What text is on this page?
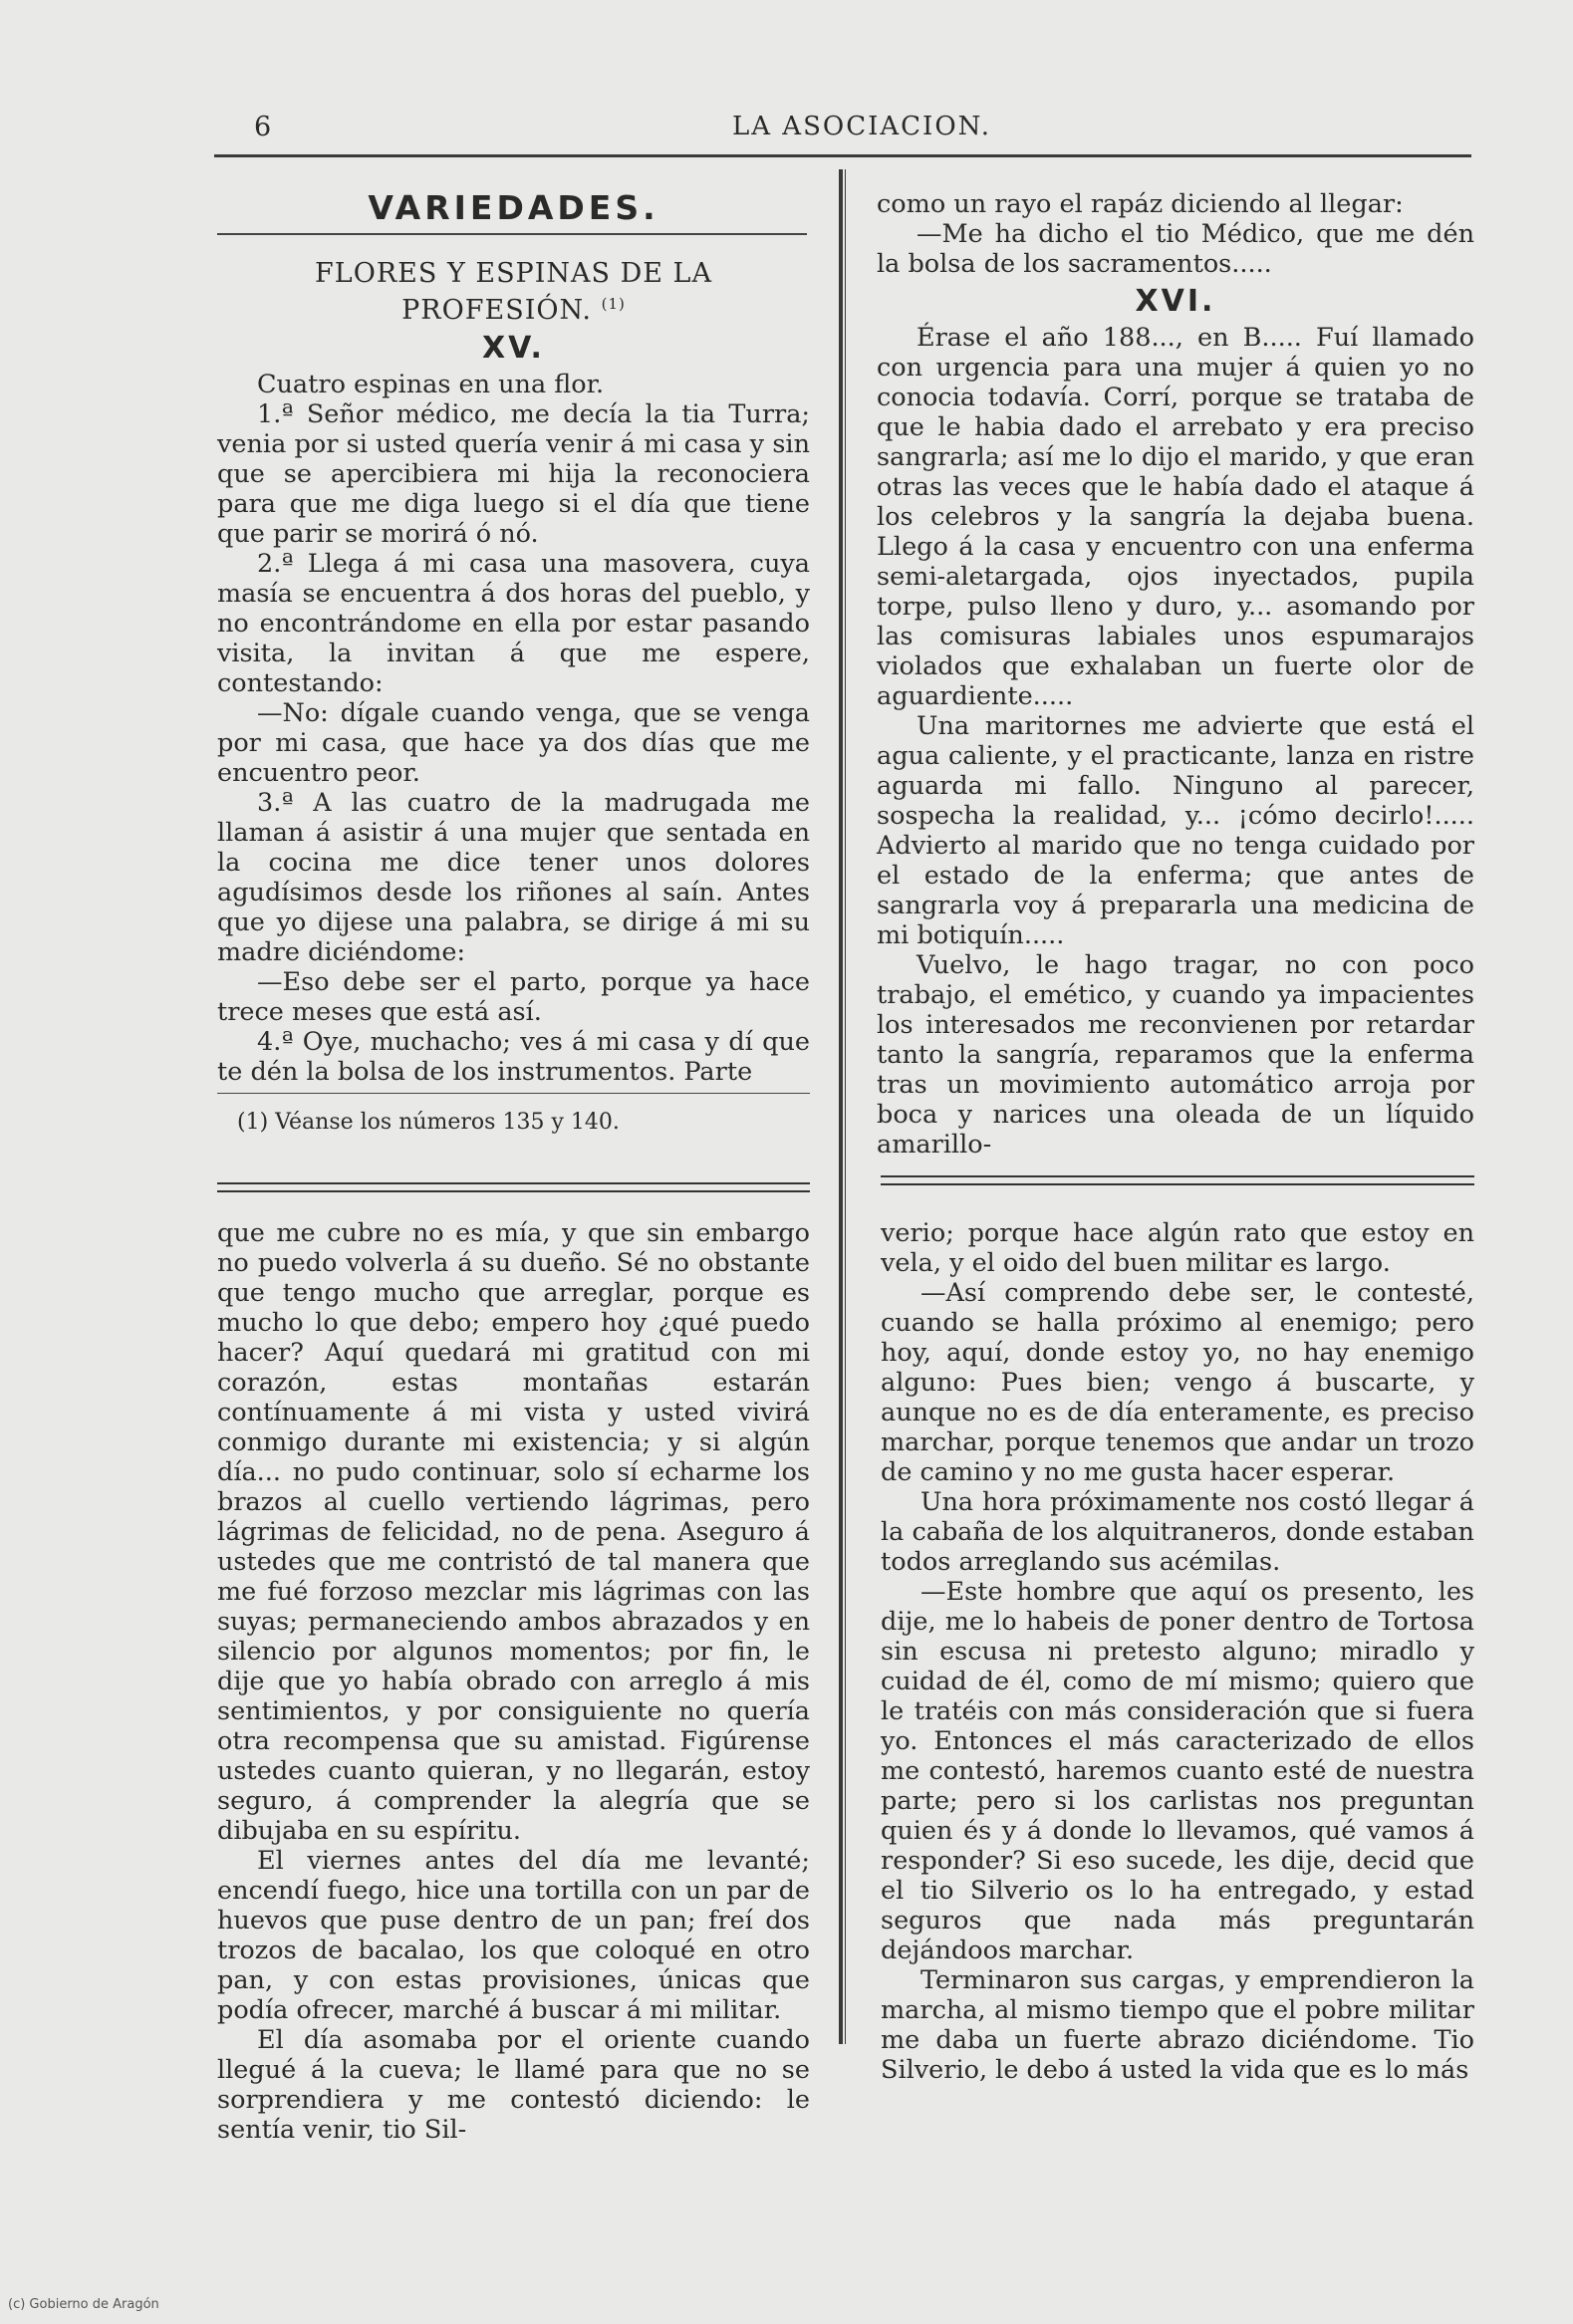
6	LA ASOCIACION.
VARIEDADES.
FLORES Y ESPINAS DE LA PROFESIÓN. $^{(1)}$
XV.

Cuatro espinas en una flor.

1.ª Señor médico, me decía la tia Turra; venia por si usted quería venir á mi casa y sin que se apercibiera mi hija la reconociera para que me diga luego si el día que tiene que parir se morirá ó nó.

2.ª Llega á mi casa una masovera, cuya masía se encuentra á dos horas del pueblo, y no encontrándome en ella por estar pasando visita, la invitan á que me espere, contestando:

—No: dígale cuando venga, que se venga por mi casa, que hace ya dos días que me encuentro peor.

3.ª A las cuatro de la madrugada me llaman á asistir á una mujer que sentada en la cocina me dice tener unos dolores agudísimos desde los riñones al saín. Antes que yo dijese una palabra, se dirige á mi su madre diciéndome:

—Eso debe ser el parto, porque ya hace trece meses que está así.

4.ª Oye, muchacho; ves á mi casa y dí que te dén la bolsa de los instrumentos. Parte

(1) Véanse los números 135 y 140.

como un rayo el rapáz diciendo al llegar:

—Me ha dicho el tio Médico, que me dén la bolsa de los sacramentos.....

XVI.

Érase el año 188..., en B..... Fuí llamado con urgencia para una mujer á quien yo no conocia todavía. Corrí, porque se trataba de que le habia dado el arrebato y era preciso sangrarla; así me lo dijo el marido, y que eran otras las veces que le había dado el ataque á los celebros y la sangría la dejaba buena. Llego á la casa y encuentro con una enferma semi-aletargada, ojos inyectados, pupila torpe, pulso lleno y duro, y... asomando por las comisuras labiales unos espumarajos violados que exhalaban un fuerte olor de aguardiente.....

Una maritornes me advierte que está el agua caliente, y el practicante, lanza en ristre aguarda mi fallo. Ninguno al parecer, sospecha la realidad, y... ¡cómo decirlo!..... Advierto al marido que no tenga cuidado por el estado de la enferma; que antes de sangrarla voy á prepararla una medicina de mi botiquín.....

Vuelvo, le hago tragar, no con poco trabajo, el emético, y cuando ya impacientes los interesados me reconvienen por retardar tanto la sangría, reparamos que la enferma tras un movimiento automático arroja por boca y narices una oleada de un líquido amarillo-

que me cubre no es mía, y que sin embargo no puedo volverla á su dueño. Sé no obstante que tengo mucho que arreglar, porque es mucho lo que debo; empero hoy ¿qué puedo hacer? Aquí quedará mi gratitud con mi corazón, estas montañas estarán contínuamente á mi vista y usted vivirá conmigo durante mi existencia; y si algún día... no pudo continuar, solo sí echarme los brazos al cuello vertiendo lágrimas, pero lágrimas de felicidad, no de pena. Aseguro á ustedes que me contristó de tal manera que me fué forzoso mezclar mis lágrimas con las suyas; permaneciendo ambos abrazados y en silencio por algunos momentos; por fin, le dije que yo había obrado con arreglo á mis sentimientos, y por consiguiente no quería otra recompensa que su amistad. Figúrense ustedes cuanto quieran, y no llegarán, estoy seguro, á comprender la alegría que se dibujaba en su espíritu.

El viernes antes del día me levanté; encendí fuego, hice una tortilla con un par de huevos que puse dentro de un pan; freí dos trozos de bacalao, los que coloqué en otro pan, y con estas provisiones, únicas que podía ofrecer, marché á buscar á mi militar.

El día asomaba por el oriente cuando llegué á la cueva; le llamé para que no se sorprendiera y me contestó diciendo: le sentía venir, tio Sil-

verio; porque hace algún rato que estoy en vela, y el oido del buen militar es largo.

—Así comprendo debe ser, le contesté, cuando se halla próximo al enemigo; pero hoy, aquí, donde estoy yo, no hay enemigo alguno: Pues bien; vengo á buscarte, y aunque no es de día enteramente, es preciso marchar, porque tenemos que andar un trozo de camino y no me gusta hacer esperar.

Una hora próximamente nos costó llegar á la cabaña de los alquitraneros, donde estaban todos arreglando sus acémilas.

—Este hombre que aquí os presento, les dije, me lo habeis de poner dentro de Tortosa sin escusa ni pretesto alguno; miradlo y cuidad de él, como de mí mismo; quiero que le tratéis con más consideración que si fuera yo. Entonces el más caracterizado de ellos me contestó, haremos cuanto esté de nuestra parte; pero si los carlistas nos preguntan quien és y á donde lo llevamos, qué vamos á responder? Si eso sucede, les dije, decid que el tio Silverio os lo ha entregado, y estad seguros que nada más preguntarán dejándoos marchar.

Terminaron sus cargas, y emprendieron la marcha, al mismo tiempo que el pobre militar me daba un fuerte abrazo diciéndome. Tio Silverio, le debo á usted la vida que es lo más

(c) Gobierno de Aragón
